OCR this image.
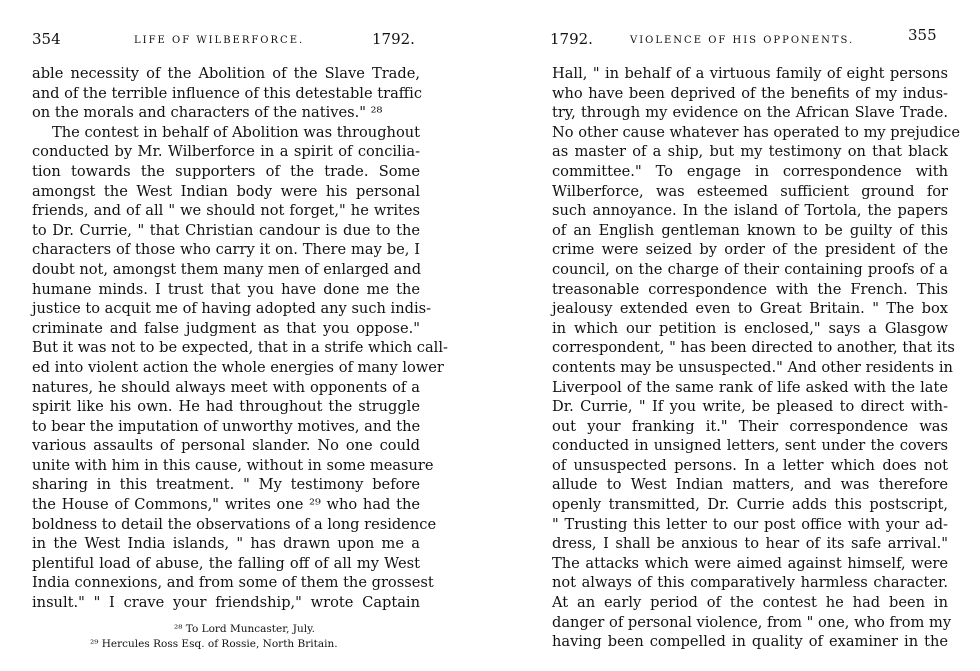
354	LIFE OF WILBERFORCE.	1792.
able necessity of the Abolition of the Slave Trade,
and of the terrible influence of this detestable traffic
on the morals and characters of the natives." ²⁸
The contest in behalf of Abolition was throughout
conducted by Mr. Wilberforce in a spirit of concilia-
tion towards the supporters of the trade. Some
amongst the West Indian body were his personal
friends, and of all " we should not forget," he writes
to Dr. Currie, " that Christian candour is due to the
characters of those who carry it on. There may be, I
doubt not, amongst them many men of enlarged and
humane minds. I trust that you have done me the
justice to acquit me of having adopted any such indis-
criminate and false judgment as that you oppose."
But it was not to be expected, that in a strife which call-
ed into violent action the whole energies of many lower
natures, he should always meet with opponents of a
spirit like his own. He had throughout the struggle
to bear the imputation of unworthy motives, and the
various assaults of personal slander. No one could
unite with him in this cause, without in some measure
sharing in this treatment. " My testimony before
the House of Commons," writes one ²⁹ who had the
boldness to detail the observations of a long residence
in the West India islands, " has drawn upon me a
plentiful load of abuse, the falling off of all my West
India connexions, and from some of them the grossest
insult." " I crave your friendship," wrote Captain
²⁸ To Lord Muncaster, July.
²⁹ Hercules Ross Esq. of Rossie, North Britain.
1792.	VIOLENCE OF HIS OPPONENTS.	355
Hall, " in behalf of a virtuous family of eight persons
who have been deprived of the benefits of my indus-
try, through my evidence on the African Slave Trade.
No other cause whatever has operated to my prejudice
as master of a ship, but my testimony on that black
committee." To engage in correspondence with
Wilberforce, was esteemed sufficient ground for
such annoyance. In the island of Tortola, the papers
of an English gentleman known to be guilty of this
crime were seized by order of the president of the
council, on the charge of their containing proofs of a
treasonable correspondence with the French. This
jealousy extended even to Great Britain. " The box
in which our petition is enclosed," says a Glasgow
correspondent, " has been directed to another, that its
contents may be unsuspected." And other residents in
Liverpool of the same rank of life asked with the late
Dr. Currie, " If you write, be pleased to direct with-
out your franking it." Their correspondence was
conducted in unsigned letters, sent under the covers
of unsuspected persons. In a letter which does not
allude to West Indian matters, and was therefore
openly transmitted, Dr. Currie adds this postscript,
" Trusting this letter to our post office with your ad-
dress, I shall be anxious to hear of its safe arrival."
The attacks which were aimed against himself, were
not always of this comparatively harmless character.
At an early period of the contest he had been in
danger of personal violence, from " one, who from my
having been compelled in quality of examiner in the
